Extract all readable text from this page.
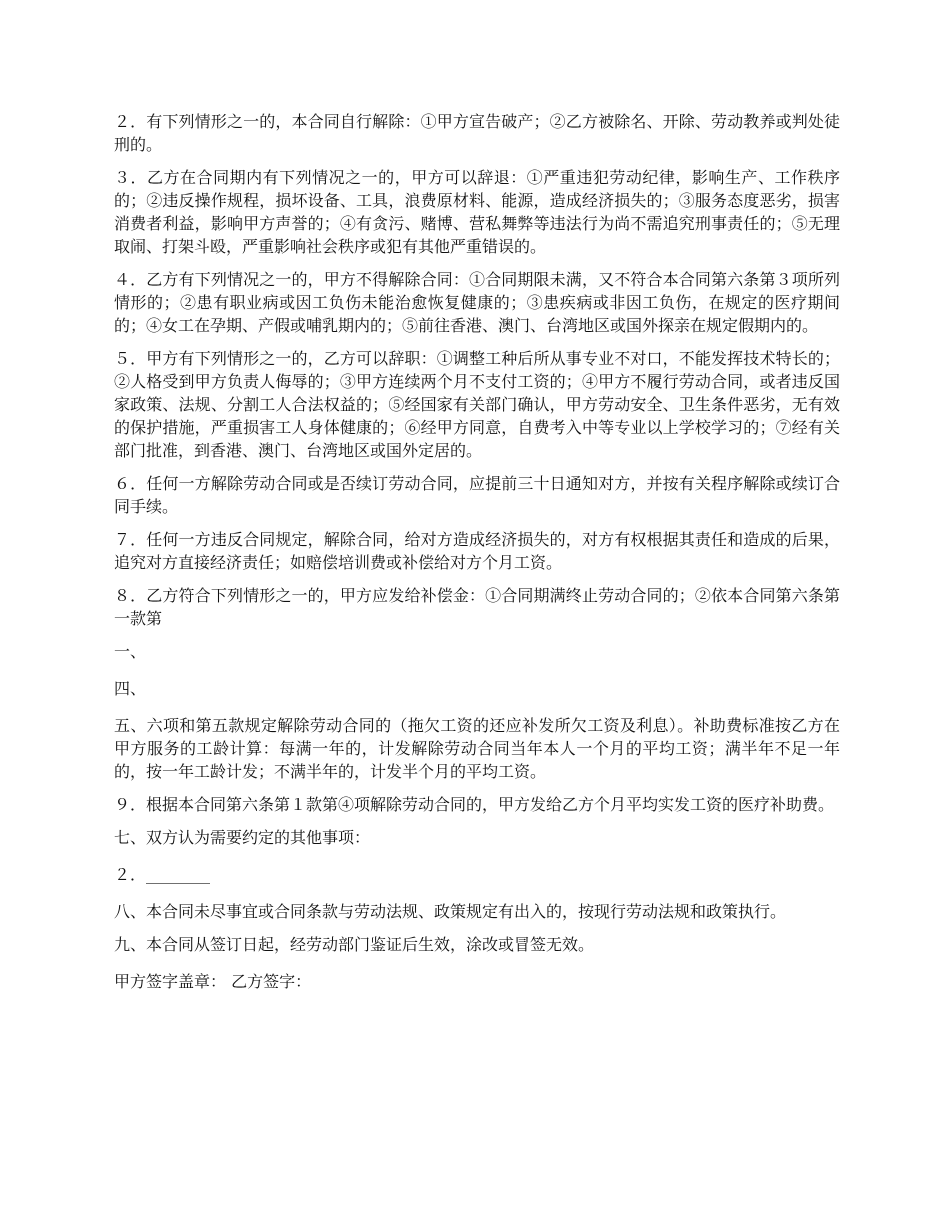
２．有下列情形之一的，本合同自行解除：①甲方宣告破产；②乙方被除名、开除、劳动教养或判处徒刑的。

３．乙方在合同期内有下列情况之一的，甲方可以辞退：①严重违犯劳动纪律，影响生产、工作秩序的；②违反操作规程，损坏设备、工具，浪费原材料、能源，造成经济损失的；③服务态度恶劣，损害消费者利益，影响甲方声誉的；④有贪污、赌博、营私舞弊等违法行为尚不需追究刑事责任的；⑤无理取闹、打架斗殴，严重影响社会秩序或犯有其他严重错误的。

４．乙方有下列情况之一的，甲方不得解除合同：①合同期限未满，又不符合本合同第六条第３项所列情形的；②患有职业病或因工负伤未能治愈恢复健康的；③患疾病或非因工负伤，在规定的医疗期间的；④女工在孕期、产假或哺乳期内的；⑤前往香港、澳门、台湾地区或国外探亲在规定假期内的。

５．甲方有下列情形之一的，乙方可以辞职：①调整工种后所从事专业不对口，不能发挥技术特长的；②人格受到甲方负责人侮辱的；③甲方连续两个月不支付工资的；④甲方不履行劳动合同，或者违反国家政策、法规、分割工人合法权益的；⑤经国家有关部门确认，甲方劳动安全、卫生条件恶劣，无有效的保护措施，严重损害工人身体健康的；⑥经甲方同意，自费考入中等专业以上学校学习的；⑦经有关部门批准，到香港、澳门、台湾地区或国外定居的。

６．任何一方解除劳动合同或是否续订劳动合同，应提前三十日通知对方，并按有关程序解除或续订合同手续。

７．任何一方违反合同规定，解除合同，给对方造成经济损失的，对方有权根据其责任和造成的后果，追究对方直接经济责任；如赔偿培训费或补偿给对方个月工资。

８．乙方符合下列情形之一的，甲方应发给补偿金：①合同期满终止劳动合同的；②依本合同第六条第一款第

一、

四、

五、六项和第五款规定解除劳动合同的（拖欠工资的还应补发所欠工资及利息）。补助费标准按乙方在甲方服务的工龄计算：每满一年的，计发解除劳动合同当年本人一个月的平均工资；满半年不足一年的，按一年工龄计发；不满半年的，计发半个月的平均工资。

９．根据本合同第六条第１款第④项解除劳动合同的，甲方发给乙方个月平均实发工资的医疗补助费。

七、双方认为需要约定的其他事项：

２．________

八、本合同未尽事宜或合同条款与劳动法规、政策规定有出入的，按现行劳动法规和政策执行。

九、本合同从签订日起，经劳动部门鉴证后生效，涂改或冒签无效。

甲方签字盖章： 乙方签字：
